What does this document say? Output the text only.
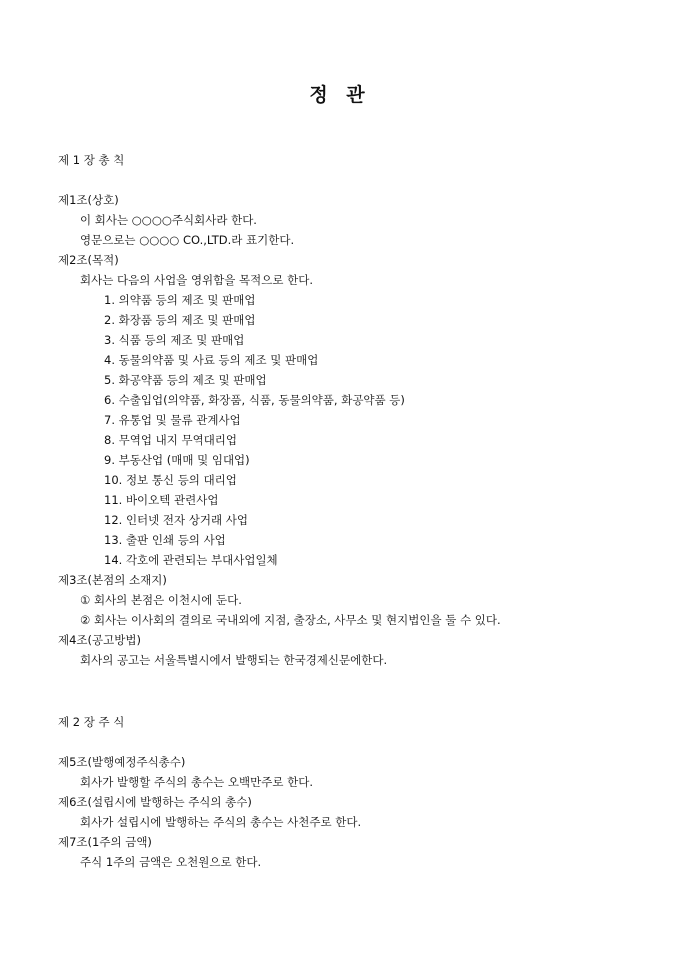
정 관
제 1 장 총 칙
제1조(상호)
이 회사는 ○○○○주식회사라 한다.
영문으로는 ○○○○ CO.,LTD.라 표기한다.
제2조(목적)
회사는 다음의 사업을 영위함을 목적으로 한다.
1. 의약품 등의 제조 및 판매업
2. 화장품 등의 제조 및 판매업
3. 식품 등의 제조 및 판매업
4. 동물의약품 및 사료 등의 제조 및 판매업
5. 화공약품 등의 제조 및 판매업
6. 수출입업(의약품, 화장품, 식품, 동물의약품, 화공약품 등)
7. 유통업 및 물류 관계사업
8. 무역업 내지 무역대리업
9. 부동산업 (매매 및 임대업)
10. 정보 통신 등의 대리업
11. 바이오텍 관련사업
12. 인터넷 전자 상거래 사업
13. 출판 인쇄 등의 사업
14. 각호에 관련되는 부대사업일체
제3조(본점의 소재지)
① 회사의 본점은 이천시에 둔다.
② 회사는 이사회의 결의로 국내외에 지점, 출장소, 사무소 및 현지법인을 둘 수 있다.
제4조(공고방법)
회사의 공고는 서울특별시에서 발행되는 한국경제신문에한다.
제 2 장 주 식
제5조(발행예정주식총수)
회사가 발행할 주식의 총수는 오백만주로 한다.
제6조(설립시에 발행하는 주식의 총수)
회사가 설립시에 발행하는 주식의 총수는 사천주로 한다.
제7조(1주의 금액)
주식 1주의 금액은 오천원으로 한다.
